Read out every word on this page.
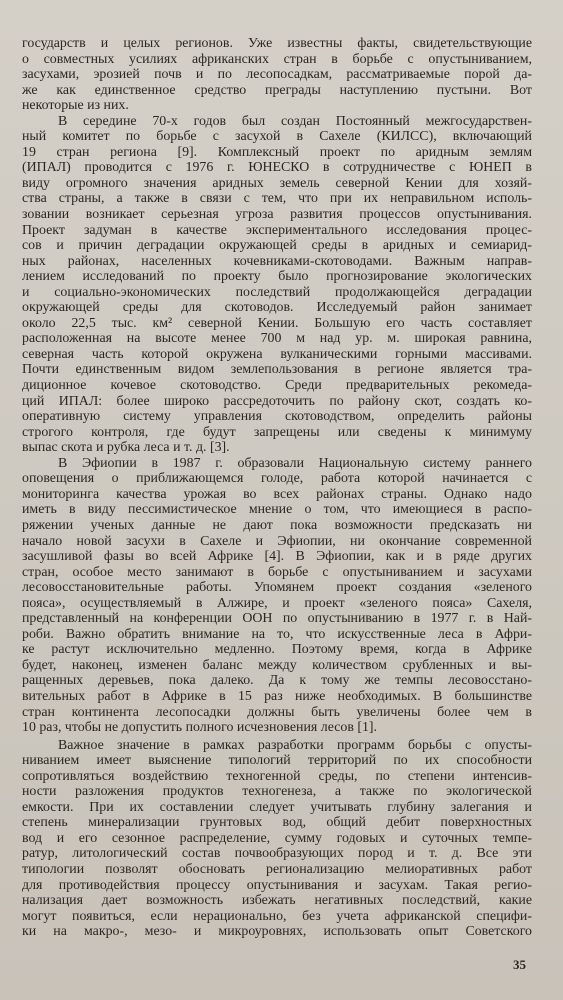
государств и целых регионов. Уже известны факты, свидетельствующие
о совместных усилиях африканских стран в борьбе с опустыниванием,
засухами, эрозией почв и по лесопосадкам, рассматриваемые порой да-
же как единственное средство преграды наступлению пустыни. Вот
некоторые из них.
В середине 70-х годов был создан Постоянный межгосударствен-
ный комитет по борьбе с засухой в Сахеле (КИЛСС), включающий
19 стран региона [9]. Комплексный проект по аридным землям
(ИПАЛ) проводится с 1976 г. ЮНЕСКО в сотрудничестве с ЮНЕП в
виду огромного значения аридных земель северной Кении для хозяй-
ства страны, а также в связи с тем, что при их неправильном исполь-
зовании возникает серьезная угроза развития процессов опустынивания.
Проект задуман в качестве экспериментального исследования процес-
сов и причин деградации окружающей среды в аридных и семиарид-
ных районах, населенных кочевниками-скотоводами. Важным направ-
лением исследований по проекту было прогнозирование экологических
и социально-экономических последствий продолжающейся деградации
окружающей среды для скотоводов. Исследуемый район занимает
около 22,5 тыс. км² северной Кении. Большую его часть составляет
расположенная на высоте менее 700 м над ур. м. широкая равнина,
северная часть которой окружена вулканическими горными массивами.
Почти единственным видом землепользования в регионе является тра-
диционное кочевое скотоводство. Среди предварительных рекомеда-
ций ИПАЛ: более широко рассредоточить по району скот, создать ко-
оперативную систему управления скотоводством, определить районы
строгого контроля, где будут запрещены или сведены к минимуму
выпас скота и рубка леса и т. д. [3].
В Эфиопии в 1987 г. образовали Национальную систему раннего
оповещения о приближающемся голоде, работа которой начинается с
мониторинга качества урожая во всех районах страны. Однако надо
иметь в виду пессимистическое мнение о том, что имеющиеся в распо-
ряжении ученых данные не дают пока возможности предсказать ни
начало новой засухи в Сахеле и Эфиопии, ни окончание современной
засушливой фазы во всей Африке [4]. В Эфиопии, как и в ряде других
стран, особое место занимают в борьбе с опустыниванием и засухами
лесовосстановительные работы. Упомянем проект создания «зеленого
пояса», осуществляемый в Алжире, и проект «зеленого пояса» Сахеля,
представленный на конференции ООН по опустыниванию в 1977 г. в Най-
роби. Важно обратить внимание на то, что искусственные леса в Афри-
ке растут исключительно медленно. Поэтому время, когда в Африке
будет, наконец, изменен баланс между количеством срубленных и вы-
ращенных деревьев, пока далеко. Да к тому же темпы лесовосстано-
вительных работ в Африке в 15 раз ниже необходимых. В большинстве
стран континента лесопосадки должны быть увеличены более чем в
10 раз, чтобы не допустить полного исчезновения лесов [1].
Важное значение в рамках разработки программ борьбы с опусты-
ниванием имеет выяснение типологий территорий по их способности
сопротивляться воздействию техногенной среды, по степени интенсив-
ности разложения продуктов техногенеза, а также по экологической
емкости. При их составлении следует учитывать глубину залегания и
степень минерализации грунтовых вод, общий дебит поверхностных
вод и его сезонное распределение, сумму годовых и суточных темпе-
ратур, литологический состав почвообразующих пород и т. д. Все эти
типологии позволят обосновать регионализацию мелиоративных работ
для противодействия процессу опустынивания и засухам. Такая регио-
нализация дает возможность избежать негативных последствий, какие
могут появиться, если нерационально, без учета африканской специфи-
ки на макро-, мезо- и микроуровнях, использовать опыт Советского
35
